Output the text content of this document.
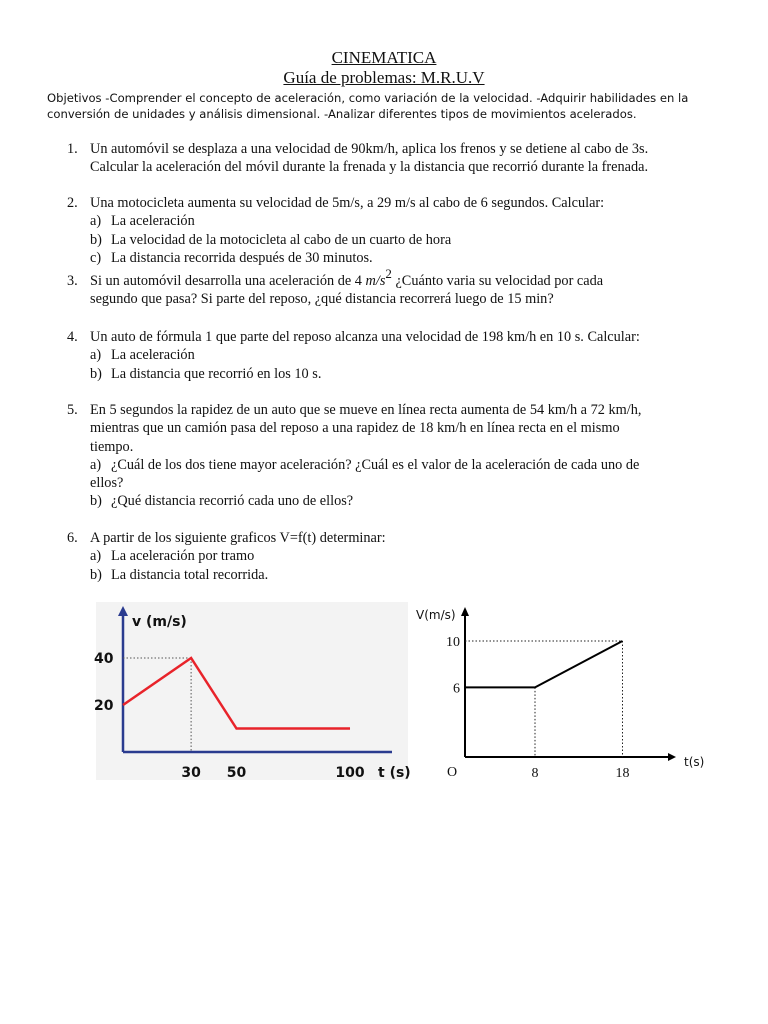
CINEMATICA
Guía de problemas: M.R.U.V
Objetivos -Comprender el concepto de aceleración, como variación de la velocidad. -Adquirir habilidades en la
conversión de unidades y análisis dimensional. -Analizar diferentes tipos de movimientos acelerados.
1. Un automóvil se desplaza a una velocidad de 90km/h, aplica los frenos y se detiene al cabo de 3s.
Calcular la aceleración del móvil durante la frenada y la distancia que recorrió durante la frenada.
2. Una motocicleta aumenta su velocidad de 5m/s, a 29 m/s al cabo de 6 segundos. Calcular:
a) La aceleración
b) La velocidad de la motocicleta al cabo de un cuarto de hora
c) La distancia recorrida después de 30 minutos.
3. Si un automóvil desarrolla una aceleración de 4 $m/s^2$ ¿Cuánto varia su velocidad por cada
segundo que pasa? Si parte del reposo, ¿qué distancia recorrerá luego de 15 min?
4. Un auto de fórmula 1 que parte del reposo alcanza una velocidad de 198 km/h en 10 s. Calcular:
a) La aceleración
b) La distancia que recorrió en los 10 s.
5. En 5 segundos la rapidez de un auto que se mueve en línea recta aumenta de 54 km/h a 72 km/h,
mientras que un camión pasa del reposo a una rapidez de 18 km/h en línea recta en el mismo
tiempo.
a) ¿Cuál de los dos tiene mayor aceleración? ¿Cuál es el valor de la aceleración de cada uno de
ellos?
b) ¿Qué distancia recorrió cada uno de ellos?
6. A partir de los siguiente graficos V=f(t) determinar:
a) La aceleración por tramo
b) La distancia total recorrida.
40
20
30 50	100
v (m/s)
t (s)
10
6
8	18
O
V(m/s)
t(s)
